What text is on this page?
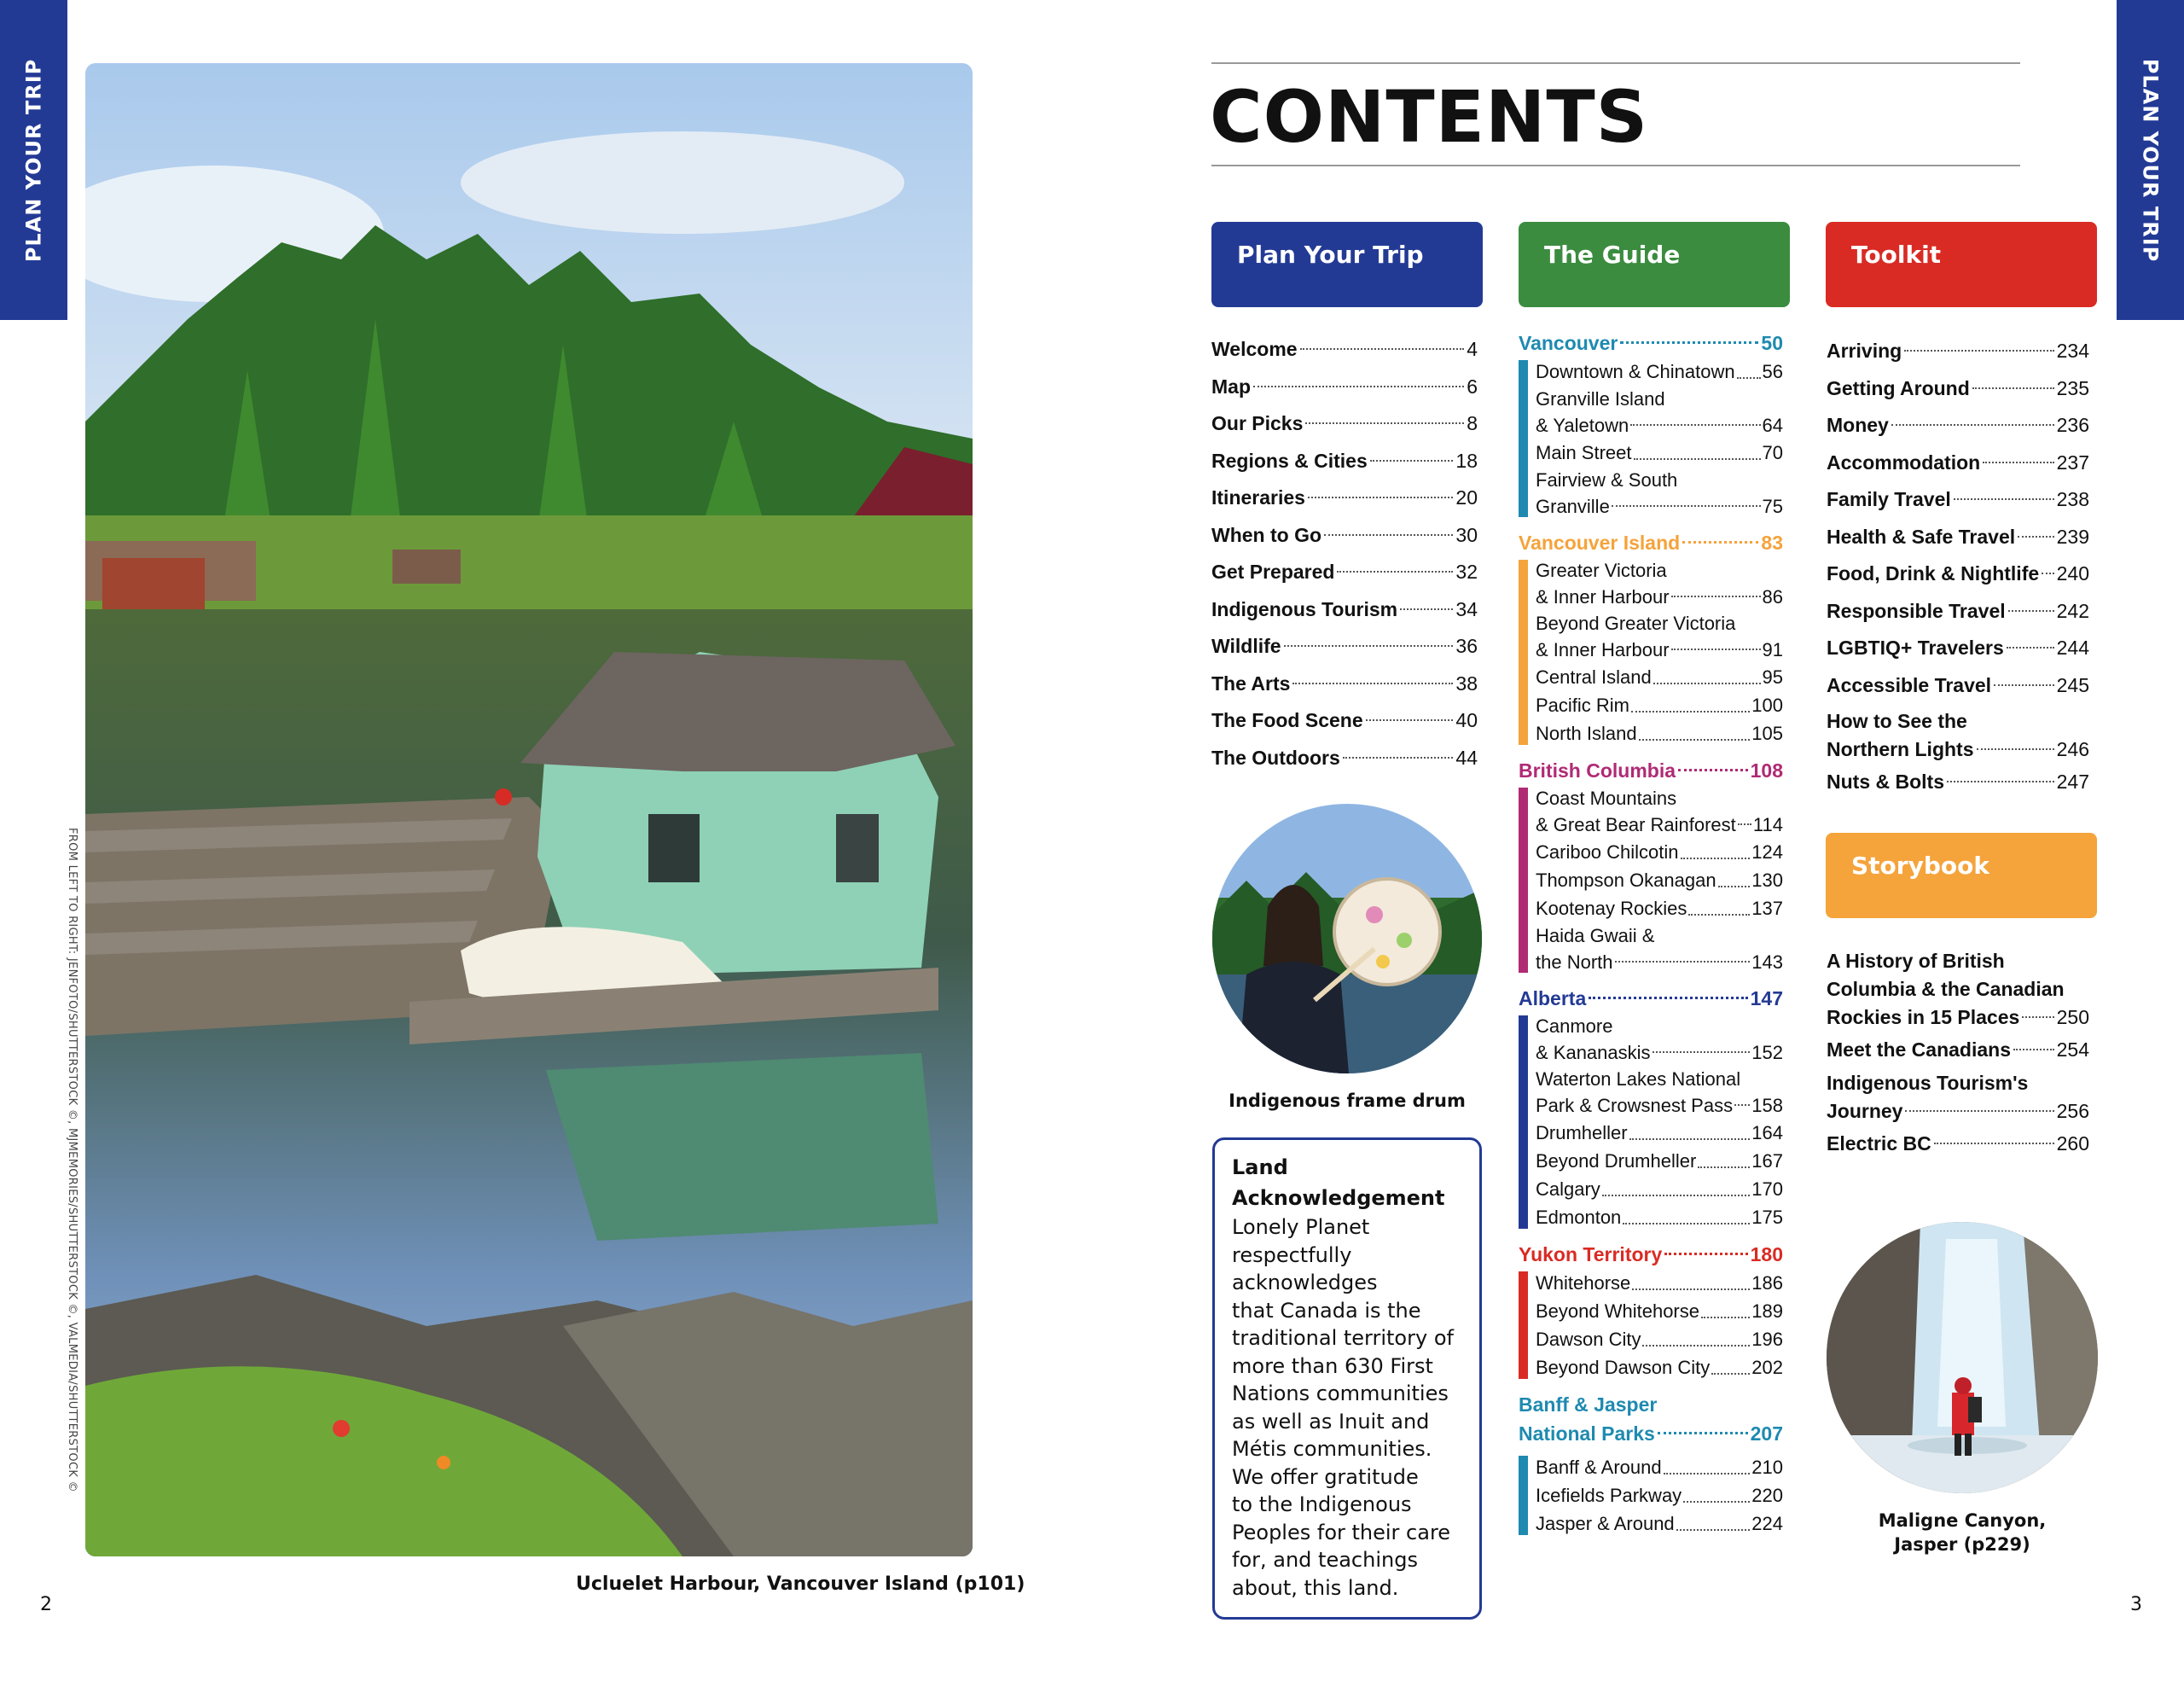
PLAN YOUR TRIP
FROM LEFT TO RIGHT: JENFOTO/SHUTTERSTOCK ©, MJMEMORIES/SHUTTERSTOCK ©, VALMEDIA/SHUTTERSTOCK ©
Ucluelet Harbour, Vancouver Island (p101)
2
PLAN YOUR TRIP
CONTENTS
Plan Your Trip
Welcome	4
Map	6
Our Picks	8
Regions & Cities	18
Itineraries	20
When to Go	30
Get Prepared	32
Indigenous Tourism	34
Wildlife	36
The Arts	38
The Food Scene	40
The Outdoors	44
Indigenous frame drum
Land
Acknowledgement

Lonely Planet
respectfully
acknowledges
that Canada is the
traditional territory of
more than 630 First
Nations communities
as well as Inuit and
Métis communities.
We offer gratitude
to the Indigenous
Peoples for their care
for, and teachings
about, this land.

The Guide
Vancouver	50
Downtown & Chinatown 56
Granville Island
& Yaletown	64
Main Street	70
Fairview & South
Granville	75
Vancouver Island	83
Greater Victoria
& Inner Harbour	86
Beyond Greater Victoria
& Inner Harbour	91
Central Island	95
Pacific Rim	100
North Island	105
British Columbia	108
Coast Mountains
& Great Bear Rainforest 114
Cariboo Chilcotin	124
Thompson Okanagan 130
Kootenay Rockies	137
Haida Gwaii &
the North	143
Alberta	147
Canmore
& Kananaskis	152
Waterton Lakes National
Park & Crowsnest Pass 158
Drumheller	164
Beyond Drumheller	167
Calgary	170
Edmonton	175
Yukon Territory	180
Whitehorse	186
Beyond Whitehorse	189
Dawson City	196
Beyond Dawson City 202
Banff & Jasper
National Parks	207
Banff & Around	210
Icefields Parkway	220
Jasper & Around	224
Toolkit
Arriving	234
Getting Around	235
Money	236
Accommodation	237
Family Travel	238
Health & Safe Travel 239
Food, Drink & Nightlife 240
Responsible Travel	242
LGBTIQ+ Travelers	244
Accessible Travel	245
How to See the
Northern Lights	246
Nuts & Bolts	247
Storybook
A History of British
Columbia & the Canadian
Rockies in 15 Places 250
Meet the Canadians 254
Indigenous Tourism's
Journey	256
Electric BC	260
Maligne Canyon,
Jasper (p229)
3
